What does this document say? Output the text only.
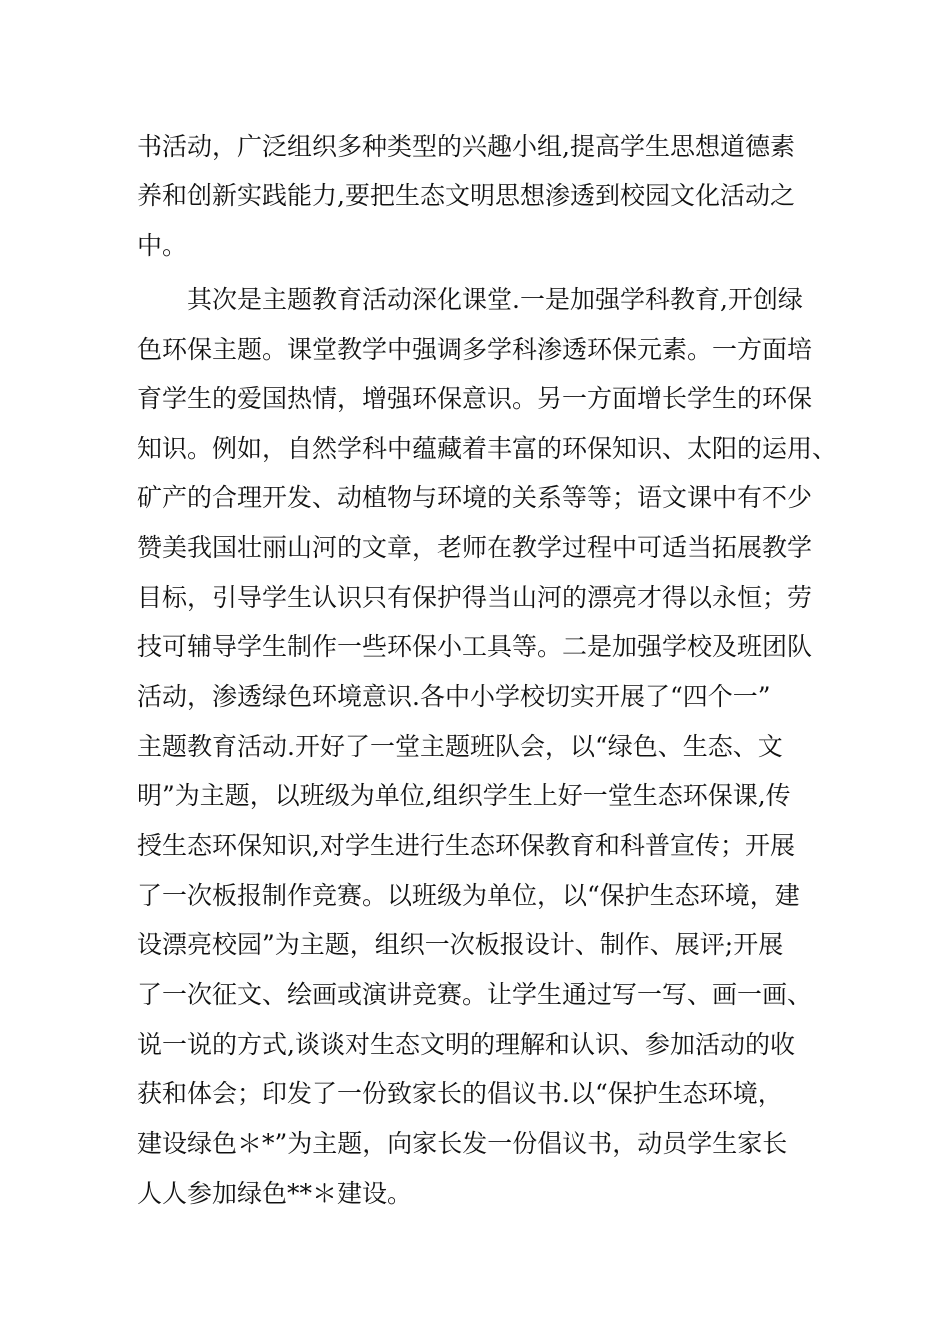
书活动，广泛组织多种类型的兴趣小组,提高学生思想道德素
养和创新实践能力,要把生态文明思想渗透到校园文化活动之
中。
其次是主题教育活动深化课堂.一是加强学科教育,开创绿
色环保主题。课堂教学中强调多学科渗透环保元素。一方面培
育学生的爱国热情，增强环保意识。另一方面增长学生的环保
知识。例如，自然学科中蕴藏着丰富的环保知识、太阳的运用、
矿产的合理开发、动植物与环境的关系等等；语文课中有不少
赞美我国壮丽山河的文章，老师在教学过程中可适当拓展教学
目标，引导学生认识只有保护得当山河的漂亮才得以永恒；劳
技可辅导学生制作一些环保小工具等。二是加强学校及班团队
活动，渗透绿色环境意识.各中小学校切实开展了“四个一”
主题教育活动.开好了一堂主题班队会，以“绿色、生态、文
明”为主题，以班级为单位,组织学生上好一堂生态环保课,传
授生态环保知识,对学生进行生态环保教育和科普宣传；开展
了一次板报制作竞赛。以班级为单位，以“保护生态环境，建
设漂亮校园”为主题，组织一次板报设计、制作、展评;开展
了一次征文、绘画或演讲竞赛。让学生通过写一写、画一画、
说一说的方式,谈谈对生态文明的理解和认识、参加活动的收
获和体会；印发了一份致家长的倡议书.以“保护生态环境，
建设绿色＊*”为主题，向家长发一份倡议书，动员学生家长
人人参加绿色**＊建设。
